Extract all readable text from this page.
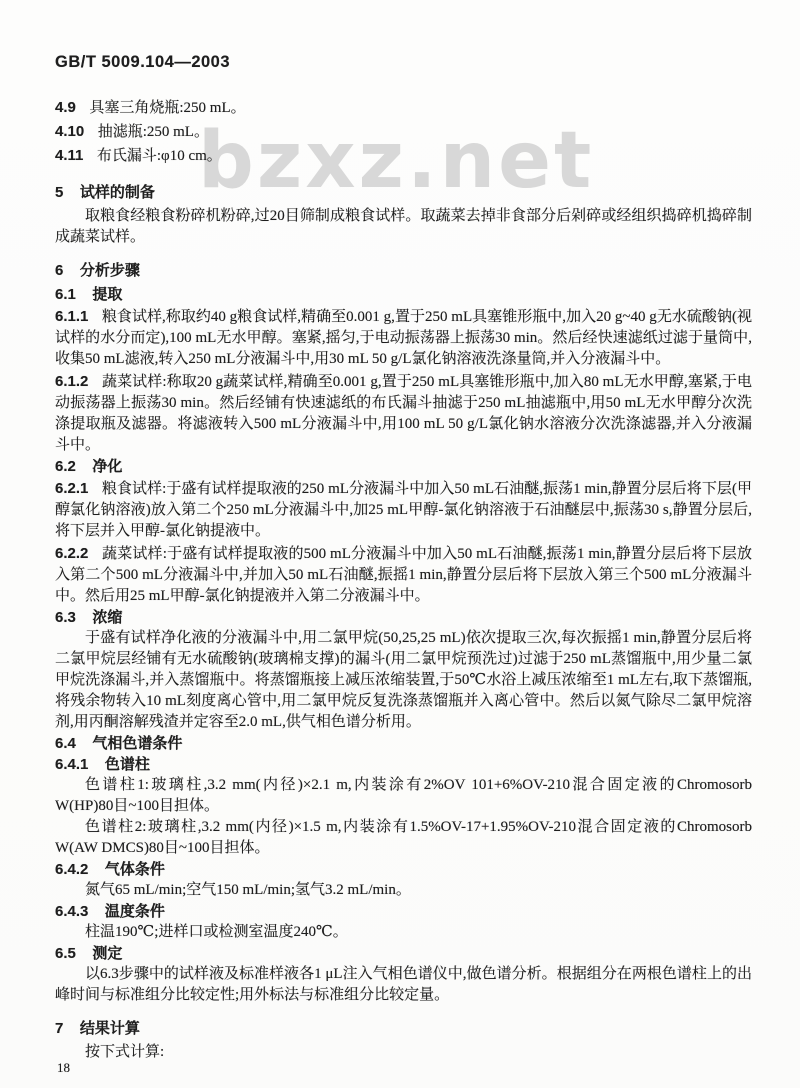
bzxz.net

GB/T 5009.104—2003

4.9 具塞三角烧瓶:250 mL。

4.10 抽滤瓶:250 mL。

4.11 布氏漏斗:φ10 cm。

5 试样的制备

取粮食经粮食粉碎机粉碎,过20目筛制成粮食试样。取蔬菜去掉非食部分后剁碎或经组织捣碎机捣碎制成蔬菜试样。

6 分析步骤

6.1 提取

6.1.1 粮食试样,称取约40 g粮食试样,精确至0.001 g,置于250 mL具塞锥形瓶中,加入20 g~40 g无水硫酸钠(视试样的水分而定),100 mL无水甲醇。塞紧,摇匀,于电动振荡器上振荡30 min。然后经快速滤纸过滤于量筒中,收集50 mL滤液,转入250 mL分液漏斗中,用30 mL 50 g/L氯化钠溶液洗涤量筒,并入分液漏斗中。

6.1.2 蔬菜试样:称取20 g蔬菜试样,精确至0.001 g,置于250 mL具塞锥形瓶中,加入80 mL无水甲醇,塞紧,于电动振荡器上振荡30 min。然后经铺有快速滤纸的布氏漏斗抽滤于250 mL抽滤瓶中,用50 mL无水甲醇分次洗涤提取瓶及滤器。将滤液转入500 mL分液漏斗中,用100 mL 50 g/L氯化钠水溶液分次洗涤滤器,并入分液漏斗中。

6.2 净化

6.2.1 粮食试样:于盛有试样提取液的250 mL分液漏斗中加入50 mL石油醚,振荡1 min,静置分层后将下层(甲醇氯化钠溶液)放入第二个250 mL分液漏斗中,加25 mL甲醇-氯化钠溶液于石油醚层中,振荡30 s,静置分层后,将下层并入甲醇-氯化钠提液中。

6.2.2 蔬菜试样:于盛有试样提取液的500 mL分液漏斗中加入50 mL石油醚,振荡1 min,静置分层后将下层放入第二个500 mL分液漏斗中,并加入50 mL石油醚,振摇1 min,静置分层后将下层放入第三个500 mL分液漏斗中。然后用25 mL甲醇-氯化钠提液并入第二分液漏斗中。

6.3 浓缩

于盛有试样净化液的分液漏斗中,用二氯甲烷(50,25,25 mL)依次提取三次,每次振摇1 min,静置分层后将二氯甲烷层经铺有无水硫酸钠(玻璃棉支撑)的漏斗(用二氯甲烷预洗过)过滤于250 mL蒸馏瓶中,用少量二氯甲烷洗涤漏斗,并入蒸馏瓶中。将蒸馏瓶接上减压浓缩装置,于50℃水浴上减压浓缩至1 mL左右,取下蒸馏瓶,将残余物转入10 mL刻度离心管中,用二氯甲烷反复洗涤蒸馏瓶并入离心管中。然后以氮气除尽二氯甲烷溶剂,用丙酮溶解残渣并定容至2.0 mL,供气相色谱分析用。

6.4 气相色谱条件

6.4.1 色谱柱

色谱柱1:玻璃柱,3.2 mm(内径)×2.1 m,内装涂有2%OV 101+6%OV-210混合固定液的Chromosorb W(HP)80目~100目担体。

色谱柱2:玻璃柱,3.2 mm(内径)×1.5 m,内装涂有1.5%OV-17+1.95%OV-210混合固定液的Chromosorb W(AW DMCS)80目~100目担体。

6.4.2 气体条件

氮气65 mL/min;空气150 mL/min;氢气3.2 mL/min。

6.4.3 温度条件

柱温190℃;进样口或检测室温度240℃。

6.5 测定

以6.3步骤中的试样液及标准样液各1 μL注入气相色谱仪中,做色谱分析。根据组分在两根色谱柱上的出峰时间与标准组分比较定性;用外标法与标准组分比较定量。

7 结果计算

按下式计算:

18
